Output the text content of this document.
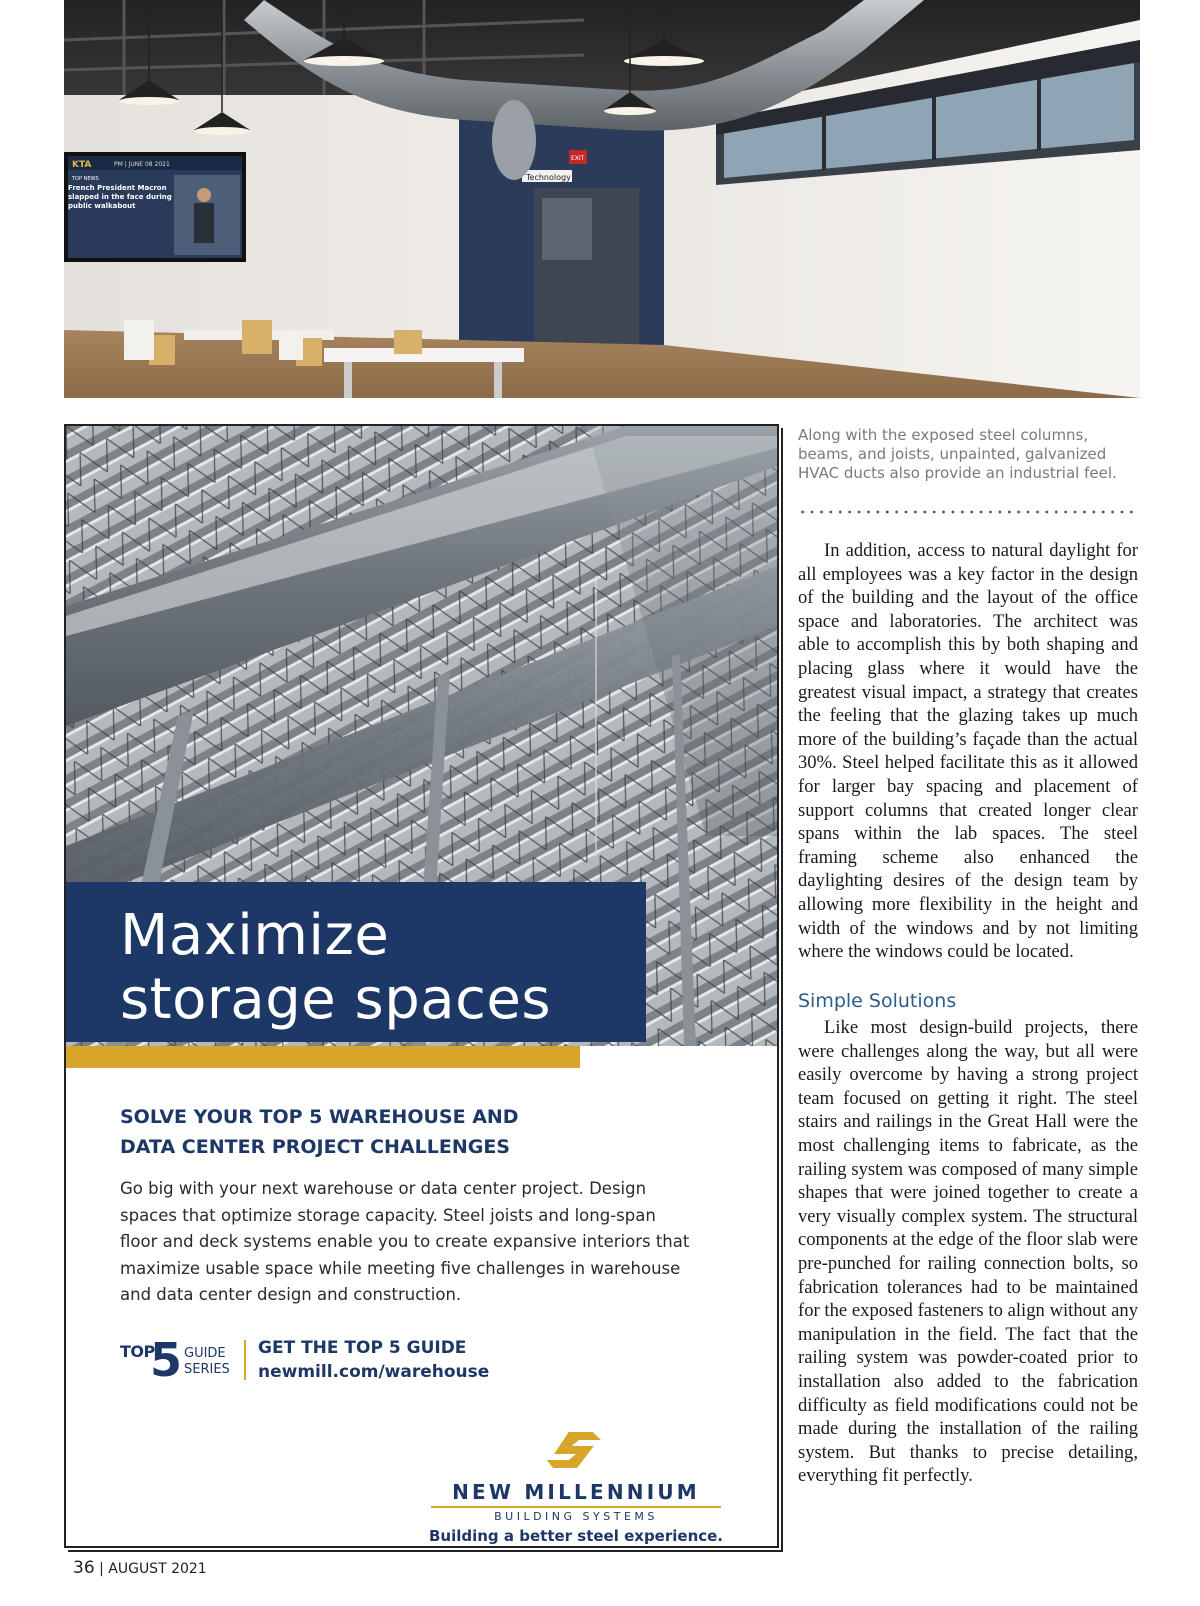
Technology
EXIT
KTA	PM | JUNE 08 2021
TOP NEWS
French President Macron slapped in the face during public walkabout
Maximize
storage spaces
SOLVE YOUR TOP 5 WAREHOUSE AND
DATA CENTER PROJECT CHALLENGES
Go big with your next warehouse or data center project. Design
spaces that optimize storage capacity. Steel joists and long-span
floor and deck systems enable you to create expansive interiors that
maximize usable space while meeting five challenges in warehouse
and data center design and construction.
TOP
5 GUIDE
SERIES
GET THE TOP 5 GUIDE
newmill.com/warehouse
NEW MILLENNIUM
BUILDING SYSTEMS
Building a better steel experience.
Along with the exposed steel columns, beams, and joists, unpainted, galvanized HVAC ducts also provide an industrial feel.

In addition, access to natural daylight for all employees was a key factor in the design of the building and the layout of the office space and laboratories. The architect was able to accomplish this by both shaping and placing glass where it would have the greatest visual impact, a strategy that creates the feeling that the glazing takes up much more of the building’s façade than the actual 30%. Steel helped facilitate this as it allowed for larger bay spacing and placement of support columns that created longer clear spans within the lab spaces. The steel framing scheme also enhanced the daylighting desires of the design team by allowing more flexibility in the height and width of the windows and by not limiting where the windows could be located.

Simple Solutions

Like most design-build projects, there were challenges along the way, but all were easily overcome by having a strong project team focused on getting it right. The steel stairs and railings in the Great Hall were the most challenging items to fabricate, as the railing system was composed of many simple shapes that were joined together to create a very visually complex system. The structural components at the edge of the floor slab were pre-punched for railing connection bolts, so fabrication tolerances had to be maintained for the exposed fasteners to align without any manipulation in the field. The fact that the railing system was powder-coated prior to installation also added to the fabrication difficulty as field modifications could not be made during the installation of the railing system. But thanks to precise detailing, everything fit perfectly.

36 | AUGUST 2021
